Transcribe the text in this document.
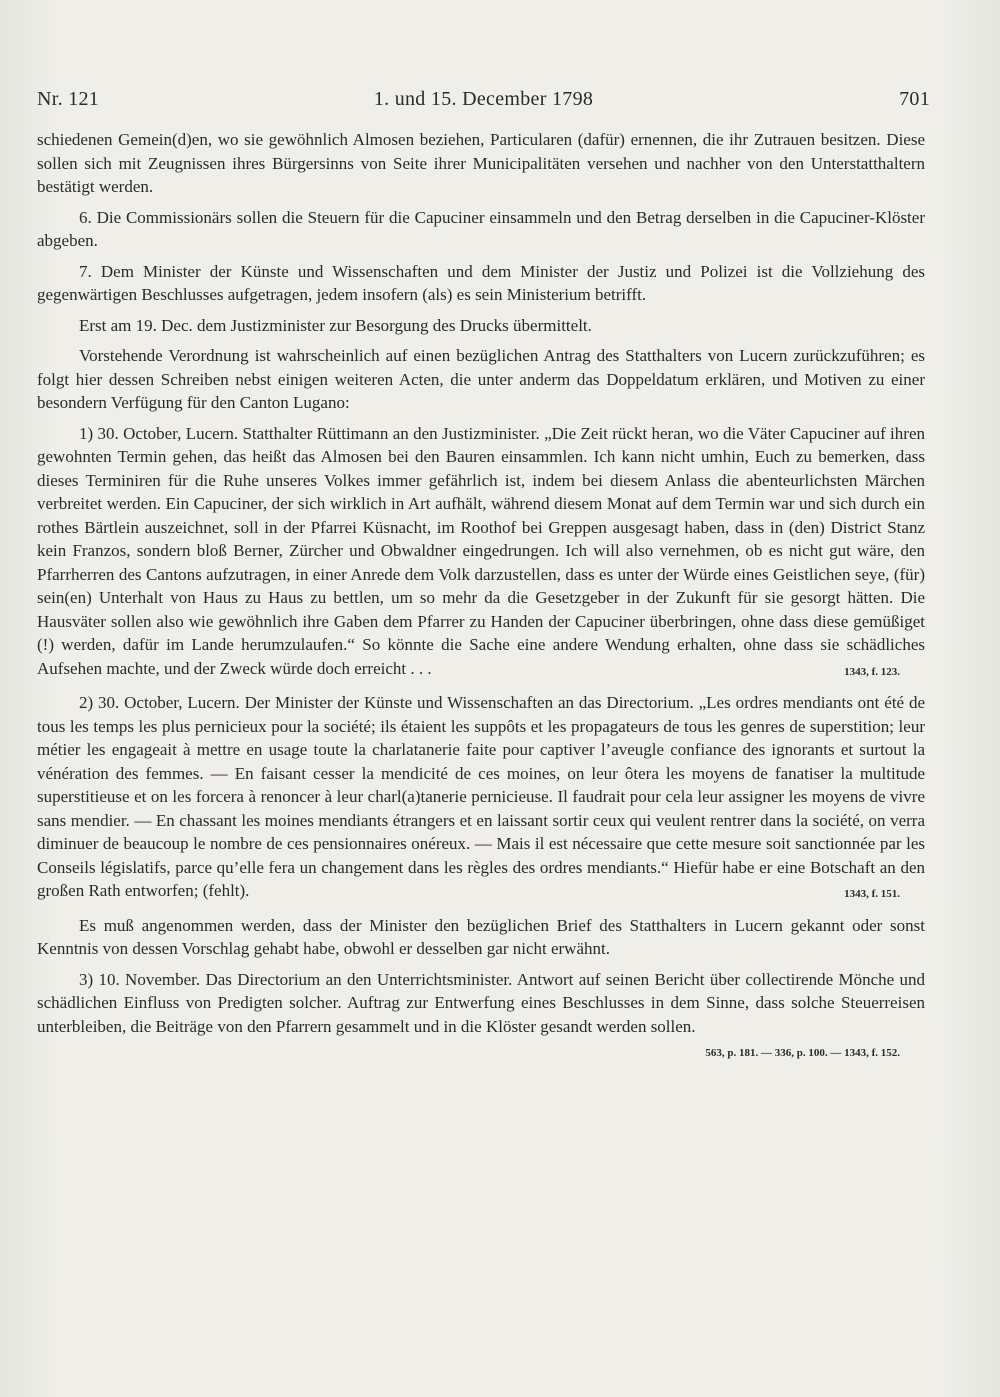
Nr. 121	1. und 15. December 1798	701

schiedenen Gemein(d)en, wo sie gewöhnlich Almosen beziehen, Particularen (dafür) ernennen, die ihr Zutrauen besitzen. Diese sollen sich mit Zeugnissen ihres Bürgersinns von Seite ihrer Municipalitäten versehen und nachher von den Unterstatthaltern bestätigt werden.

6. Die Commissionärs sollen die Steuern für die Capuciner einsammeln und den Betrag derselben in die Capuciner-Klöster abgeben.

7. Dem Minister der Künste und Wissenschaften und dem Minister der Justiz und Polizei ist die Vollziehung des gegenwärtigen Beschlusses aufgetragen, jedem insofern (als) es sein Ministerium betrifft.

Erst am 19. Dec. dem Justizminister zur Besorgung des Drucks übermittelt.

Vorstehende Verordnung ist wahrscheinlich auf einen bezüglichen Antrag des Statthalters von Lucern zurückzuführen; es folgt hier dessen Schreiben nebst einigen weiteren Acten, die unter anderm das Doppeldatum erklären, und Motiven zu einer besondern Verfügung für den Canton Lugano:

1) 30. October, Lucern. Statthalter Rüttimann an den Justizminister. „Die Zeit rückt heran, wo die Väter Capuciner auf ihren gewohnten Termin gehen, das heißt das Almosen bei den Bauren einsammlen. Ich kann nicht umhin, Euch zu bemerken, dass dieses Terminiren für die Ruhe unseres Volkes immer gefährlich ist, indem bei diesem Anlass die abenteurlichsten Märchen verbreitet werden. Ein Capuciner, der sich wirklich in Art aufhält, während diesem Monat auf dem Termin war und sich durch ein rothes Bärtlein auszeichnet, soll in der Pfarrei Küsnacht, im Roothof bei Greppen ausgesagt haben, dass in (den) District Stanz kein Franzos, sondern bloß Berner, Zürcher und Obwaldner eingedrungen. Ich will also vernehmen, ob es nicht gut wäre, den Pfarrherren des Cantons aufzutragen, in einer Anrede dem Volk darzustellen, dass es unter der Würde eines Geistlichen seye, (für) sein(en) Unterhalt von Haus zu Haus zu bettlen, um so mehr da die Gesetzgeber in der Zukunft für sie gesorgt hätten. Die Hausväter sollen also wie gewöhnlich ihre Gaben dem Pfarrer zu Handen der Capuciner überbringen, ohne dass diese gemüßiget (!) werden, dafür im Lande herumzulaufen.“ So könnte die Sache eine andere Wendung erhalten, ohne dass sie schädliches Aufsehen machte, und der Zweck würde doch erreicht . . .	1343, f. 123.

2) 30. October, Lucern. Der Minister der Künste und Wissenschaften an das Directorium. „Les ordres mendiants ont été de tous les temps les plus pernicieux pour la société; ils étaient les suppôts et les propagateurs de tous les genres de superstition; leur métier les engageait à mettre en usage toute la charlatanerie faite pour captiver l’aveugle confiance des ignorants et surtout la vénération des femmes. — En faisant cesser la mendicité de ces moines, on leur ôtera les moyens de fanatiser la multitude superstitieuse et on les forcera à renoncer à leur charl(a)tanerie pernicieuse. Il faudrait pour cela leur assigner les moyens de vivre sans mendier. — En chassant les moines mendiants étrangers et en laissant sortir ceux qui veulent rentrer dans la société, on verra diminuer de beaucoup le nombre de ces pensionnaires onéreux. — Mais il est nécessaire que cette mesure soit sanctionnée par les Conseils législatifs, parce qu’elle fera un changement dans les règles des ordres mendiants.“ Hiefür habe er eine Botschaft an den großen Rath entworfen; (fehlt).	1343, f. 151.

Es muß angenommen werden, dass der Minister den bezüglichen Brief des Statthalters in Lucern gekannt oder sonst Kenntnis von dessen Vorschlag gehabt habe, obwohl er desselben gar nicht erwähnt.

3) 10. November. Das Directorium an den Unterrichtsminister. Antwort auf seinen Bericht über collectirende Mönche und schädlichen Einfluss von Predigten solcher. Auftrag zur Entwerfung eines Beschlusses in dem Sinne, dass solche Steuerreisen unterbleiben, die Beiträge von den Pfarrern gesammelt und in die Klöster gesandt werden sollen.
563, p. 181. — 336, p. 100. — 1343, f. 152.
